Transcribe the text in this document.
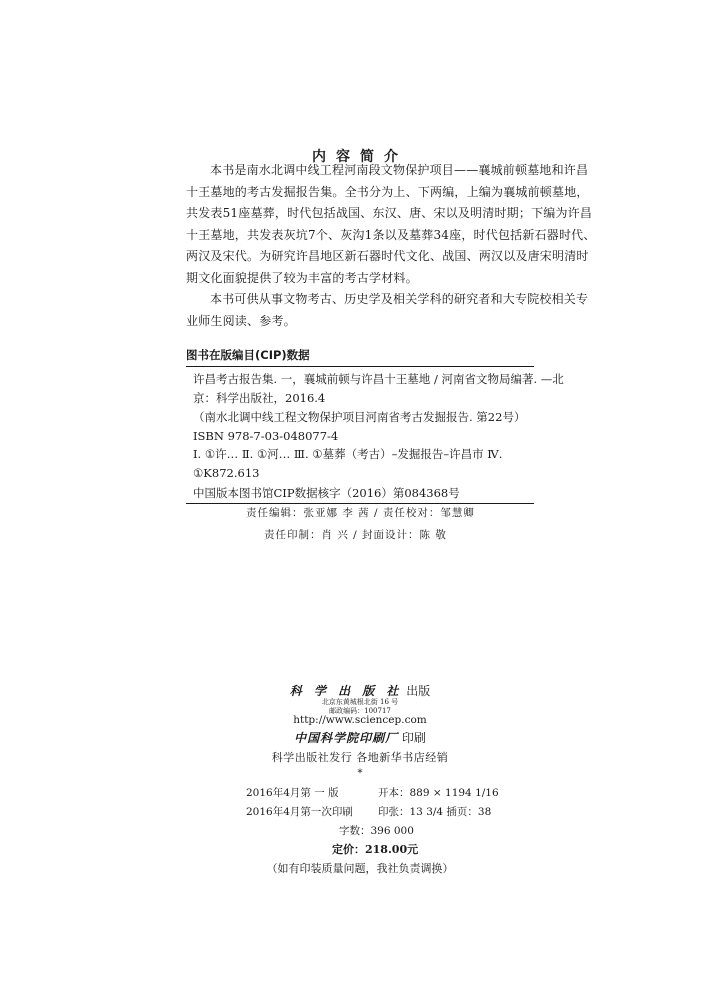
内容简介
本书是南水北调中线工程河南段文物保护项目——襄城前顿墓地和许昌
十王墓地的考古发掘报告集。全书分为上、下两编，上编为襄城前顿墓地，
共发表51座墓葬，时代包括战国、东汉、唐、宋以及明清时期；下编为许昌
十王墓地，共发表灰坑7个、灰沟1条以及墓葬34座，时代包括新石器时代、
两汉及宋代。为研究许昌地区新石器时代文化、战国、两汉以及唐宋明清时
期文化面貌提供了较为丰富的考古学材料。
本书可供从事文物考古、历史学及相关学科的研究者和大专院校相关专
业师生阅读、参考。
图书在版编目(CIP)数据
许昌考古报告集. 一，襄城前顿与许昌十王墓地 / 河南省文物局编著. —北
京：科学出版社，2016.4
（南水北调中线工程文物保护项目河南省考古发掘报告. 第22号）
ISBN 978-7-03-048077-4
Ⅰ. ①许… Ⅱ. ①河… Ⅲ. ①墓葬（考古）–发掘报告–许昌市 Ⅳ.
①K872.613
中国版本图书馆CIP数据核字（2016）第084368号
责任编辑：张亚娜 李 茜 / 责任校对：邹慧卿
责任印制：肖 兴 / 封面设计：陈 敬
科 学 出 版 社 出版
北京东黄城根北街 16 号
邮政编码：100717
http://www.sciencep.com
中国科学院印刷厂 印刷
科学出版社发行 各地新华书店经销
*
2016年4月第 一 版	开本：889 × 1194 1/16
2016年4月第一次印刷 印张：13 3/4 插页：38
字数：396 000
定价：218.00元
（如有印装质量问题，我社负责调换）
